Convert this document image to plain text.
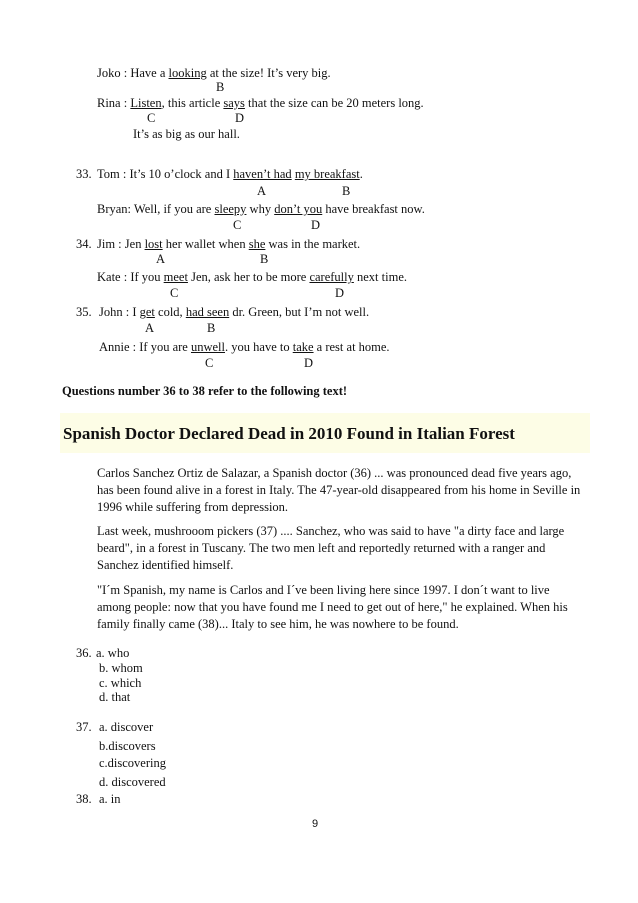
Joko : Have a looking at the size! It’s very big.
B
Rina : Listen, this article says that the size can be 20 meters long.
C	D
It’s as big as our hall.
33. Tom : It’s 10 o’clock and I haven’t had my breakfast.
A	B
Bryan: Well, if you are sleepy why don’t you have breakfast now.
C	D
34. Jim : Jen lost her wallet when she was in the market.
A	B
Kate : If you meet Jen, ask her to be more carefully next time.
C	D
35. John : I get cold, had seen dr. Green, but I’m not well.
A	B
Annie : If you are unwell. you have to take a rest at home.
C	D
Questions number 36 to 38 refer to the following text!
Spanish Doctor Declared Dead in 2010 Found in Italian Forest
Carlos Sanchez Ortiz de Salazar, a Spanish doctor (36) ... was pronounced dead five years ago, has been found alive in a forest in Italy. The 47-year-old disappeared from his home in Seville in 1996 while suffering from depression.
Last week, mushrooom pickers (37) .... Sanchez, who was said to have "a dirty face and large beard", in a forest in Tuscany. The two men left and reportedly returned with a ranger and Sanchez identified himself.
"I´m Spanish, my name is Carlos and I´ve been living here since 1997. I don´t want to live among people: now that you have found me I need to get out of here," he explained. When his family finally came (38)... Italy to see him, he was nowhere to be found.
36. a. who
b. whom
c. which
d. that
37. a. discover
b.discovers
c.discovering
d. discovered
38. a. in
9
